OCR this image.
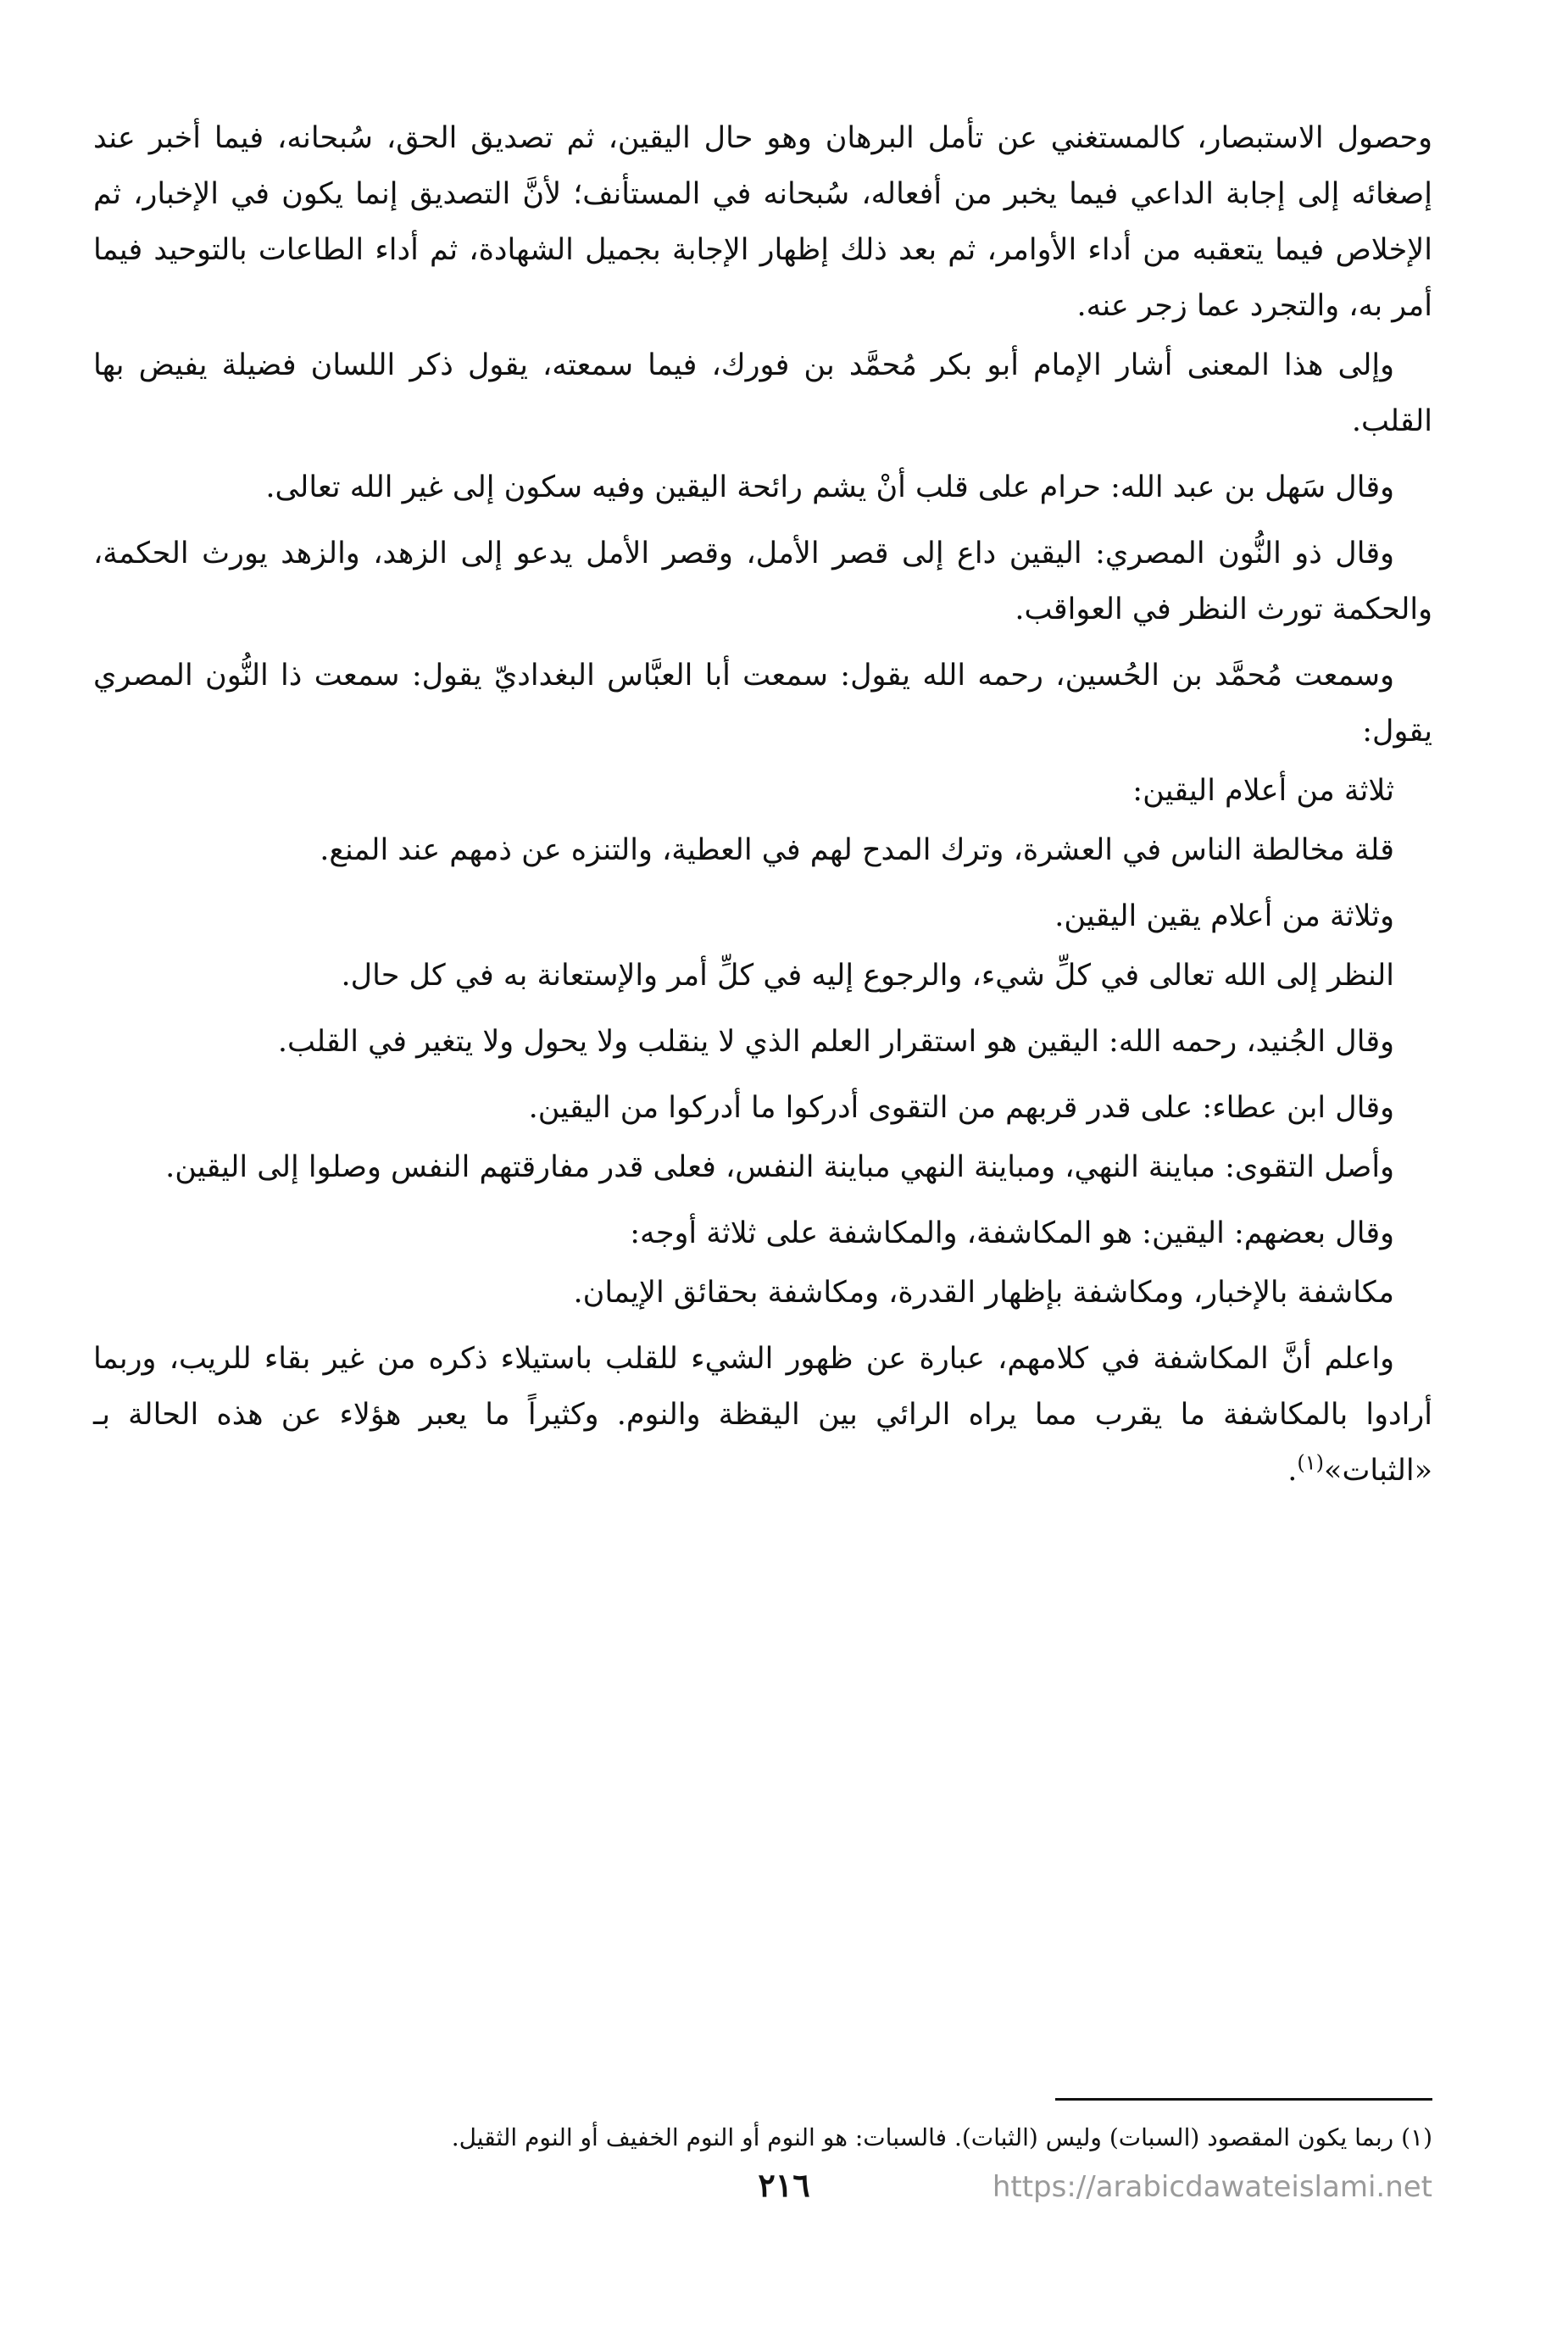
وحصول الاستبصار، كالمستغني عن تأمل البرهان وهو حال اليقين، ثم تصديق الحق، سُبحانه، فيما أخبر عند إصغائه إلى إجابة الداعي فيما يخبر من أفعاله، سُبحانه في المستأنف؛ لأنَّ التصديق إنما يكون في الإخبار، ثم الإخلاص فيما يتعقبه من أداء الأوامر، ثم بعد ذلك إظهار الإجابة بجميل الشهادة، ثم أداء الطاعات بالتوحيد فيما أمر به، والتجرد عما زجر عنه.

وإلى هذا المعنى أشار الإمام أبو بكر مُحمَّد بن فورك، فيما سمعته، يقول ذكر اللسان فضيلة يفيض بها القلب.

وقال سَهل بن عبد الله: حرام على قلب أنْ يشم رائحة اليقين وفيه سكون إلى غير الله تعالى.

وقال ذو النُّون المصري: اليقين داع إلى قصر الأمل، وقصر الأمل يدعو إلى الزهد، والزهد يورث الحكمة، والحكمة تورث النظر في العواقب.

وسمعت مُحمَّد بن الحُسين، رحمه الله يقول: سمعت أبا العبَّاس البغداديّ يقول: سمعت ذا النُّون المصري يقول:

ثلاثة من أعلام اليقين:

قلة مخالطة الناس في العشرة، وترك المدح لهم في العطية، والتنزه عن ذمهم عند المنع.

وثلاثة من أعلام يقين اليقين.

النظر إلى الله تعالى في كلِّ شيء، والرجوع إليه في كلِّ أمر والإستعانة به في كل حال.

وقال الجُنيد، رحمه الله: اليقين هو استقرار العلم الذي لا ينقلب ولا يحول ولا يتغير في القلب.

وقال ابن عطاء: على قدر قربهم من التقوى أدركوا ما أدركوا من اليقين.

وأصل التقوى: مباينة النهي، ومباينة النهي مباينة النفس، فعلى قدر مفارقتهم النفس وصلوا إلى اليقين.

وقال بعضهم: اليقين: هو المكاشفة، والمكاشفة على ثلاثة أوجه:

مكاشفة بالإخبار، ومكاشفة بإظهار القدرة، ومكاشفة بحقائق الإيمان.

واعلم أنَّ المكاشفة في كلامهم، عبارة عن ظهور الشيء للقلب باستيلاء ذكره من غير بقاء للريب، وربما أرادوا بالمكاشفة ما يقرب مما يراه الرائي بين اليقظة والنوم. وكثيراً ما يعبر هؤلاء عن هذه الحالة بـ «الثبات»$^{(١)}$.

(١) ربما يكون المقصود (السبات) وليس (الثبات). فالسبات: هو النوم أو النوم الخفيف أو النوم الثقيل.
٢١٦	https://arabicdawateislami.net
